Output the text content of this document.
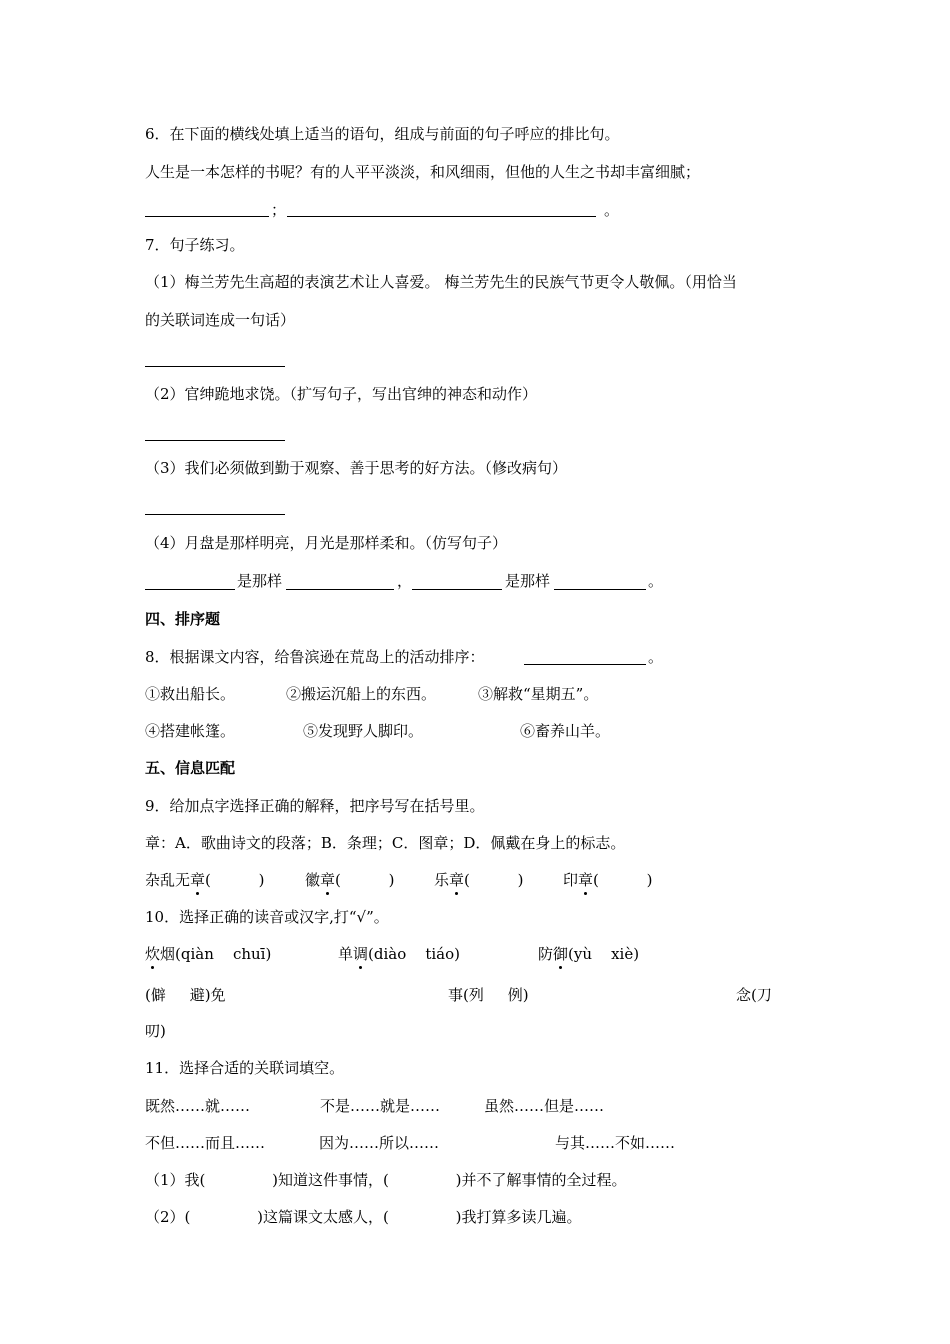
6．在下面的横线处填上适当的语句，组成与前面的句子呼应的排比句。
人生是一本怎样的书呢？有的人平平淡淡，和风细雨，但他的人生之书却丰富细腻；
；	。
7．句子练习。
（1）梅兰芳先生高超的表演艺术让人喜爱。 梅兰芳先生的民族气节更令人敬佩。（用恰当
的关联词连成一句话）
（2）官绅跪地求饶。（扩写句子，写出官绅的神态和动作）
（3）我们必须做到勤于观察、善于思考的好方法。（修改病句）
（4）月盘是那样明亮，月光是那样柔和。（仿写句子）
是那样	，	是那样	。
四、排序题
8．根据课文内容，给鲁滨逊在荒岛上的活动排序：	。
①救出船长。	②搬运沉船上的东西。	③解救“星期五”。
④搭建帐篷。	⑤发现野人脚印。	⑥畜养山羊。
五、信息匹配
9．给加点字选择正确的解释，把序号写在括号里。
章：A．歌曲诗文的段落；B．条理；C．图章；D．佩戴在身上的标志。
杂乱无章(          )	徽章(          )	乐章(          )	印章(          )
10．选择正确的读音或汉字,打“√”。
炊烟(qiàn    chuī)	单调(diào    tiáo)	防御(yù    xiè)
(僻     避)免	事(列     例)	念(刀
叨)
11．选择合适的关联词填空。
既然……就……	不是……就是……	虽然……但是……
不但……而且……	因为……所以……	与其……不如……
（1）我(              )知道这件事情，(              )并不了解事情的全过程。
（2）(              )这篇课文太感人，(              )我打算多读几遍。
